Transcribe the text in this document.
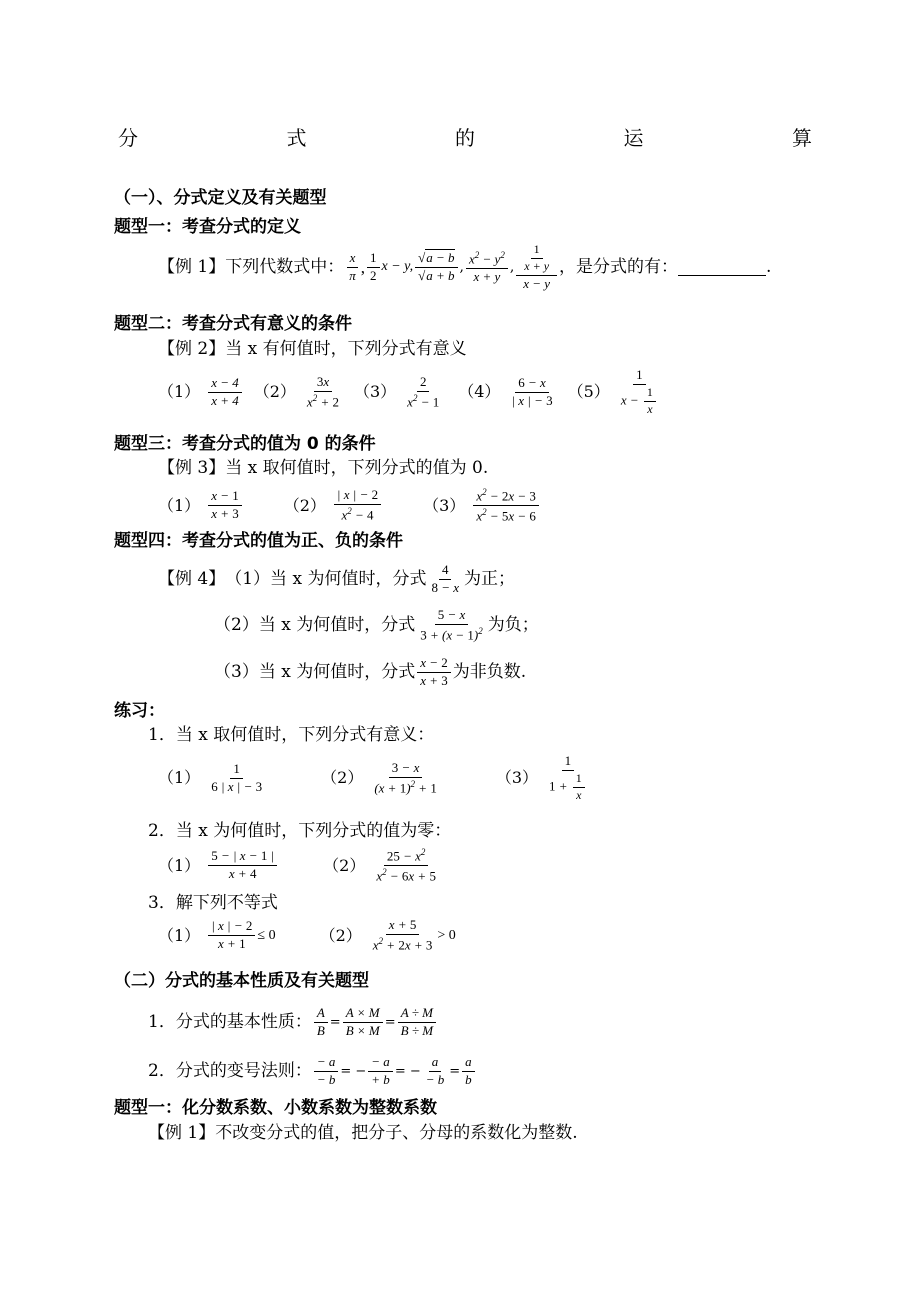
分	式	的	运	算
（一）、分式定义及有关题型
题型一：考查分式的定义
【例 1】 下列代数式中： $\frac{x}{\pi}$ , $\frac{1}{2}$ x − y, $\frac{√a - b}{√a + b}$ , $\frac{x^2 - y^2}{x + y}$ , $\frac{\frac{1}{x + y}}{x - y}$ ，是分式的有：	.
题型二：考查分式有意义的条件
【例 2】当 x 有何值时，下列分式有意义
$(1) \frac{x - 4}{x + 4} (2) \frac{3x}{x^2 + 2} (3) \frac{2}{x^2 - 1} (4) \frac{6 - x}{| x | - 3} (5) \frac{1}{x - \frac{1}{x}}$
题型三：考查分式的值为 0 的条件
【例 3】当 x 取何值时，下列分式的值为 0.
$(1) \frac{x - 1}{x + 3}$	$(2) \frac{| x | - 2}{x^2 - 4}$	$(3) \frac{x^2 - 2x - 3}{x^2 - 5x - 6}$
题型四：考查分式的值为正、负的条件
【例 4】 （1）当 x 为何值时，分式 $\frac{4}{8 - x}$ 为正；
（2）当 x 为何值时，分式 $\frac{5 - x}{3 + (x - 1)^2}$ 为负；
（3）当 x 为何值时，分式 $\frac{x - 2}{x + 3}$ 为非负数.
练习：
1．当 x 取何值时，下列分式有意义：
$(1) \frac{1}{6 | x | - 3}$	$(2) \frac{3 - x}{(x + 1)^2 + 1}$	$(3) \frac{1}{1 + \frac{1}{x}}$
2．当 x 为何值时，下列分式的值为零：
$(1) \frac{5 - | x - 1 |}{x + 4}$	$(2) \frac{25 - x^2}{x^2 - 6x + 5}$
3．解下列不等式
$(1) \frac{| x | - 2}{x + 1} \le 0$	$(2) \frac{x + 5}{x^2 + 2x + 3} > 0$
（二）分式的基本性质及有关题型
1．分式的基本性质： $\frac{A}{B} = \frac{A \times M}{B \times M} = \frac{A \div M}{B \div M}$
2．分式的变号法则： $\frac{- a}{- b}$ = − $\frac{- a}{+ b}$ = − $\frac{a}{- b} = \frac{a}{b}$
题型一：化分数系数、小数系数为整数系数
【例 1】不改变分式的值，把分子、分母的系数化为整数.
